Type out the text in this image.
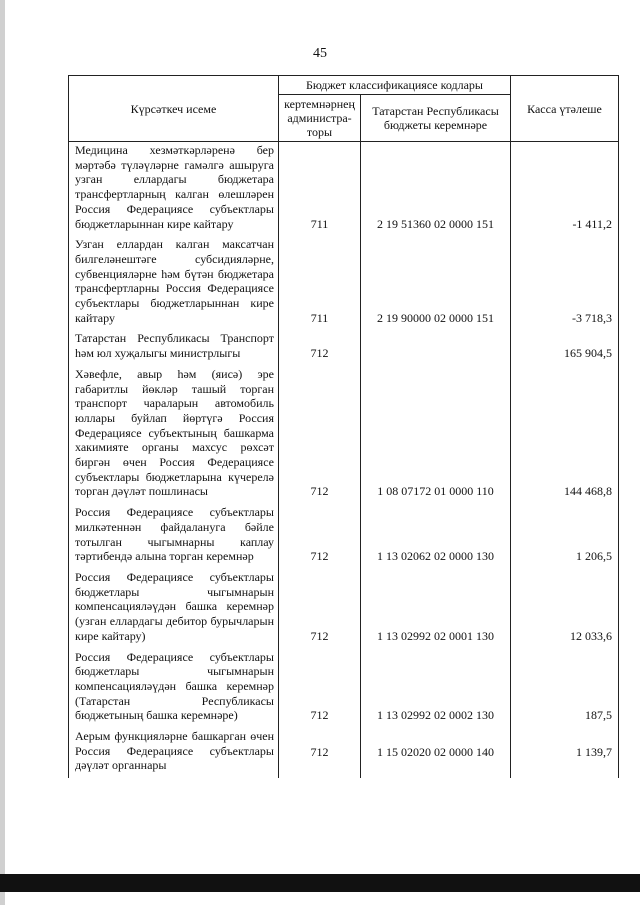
45
Күрсәткеч исеме	Бюджет классификациясе кодлары		Касса үтәлеше
	кертемнәрнең администра-торы	Татарстан Республикасы бюджеты керемнәре	
Медицина хезмәткәрләренә бер мәртәбә түләүләрне гамәлгә ашыруга узган еллардагы бюджетара трансфертларның калган өлешләрен Россия Федерациясе субъектлары бюджетларыннан кире кайтару	711	2 19 51360 02 0000 151	-1 411,2
Узган еллардан калган максатчан билгеләнештәге субсидияләрне, субвенцияләрне һәм бүтән бюджетара трансфертларны Россия Федерациясе субъектлары бюджетларыннан кире кайтару	711	2 19 90000 02 0000 151	-3 718,3
Татарстан Республикасы Транспорт һәм юл хуҗалыгы министрлыгы	712		165 904,5
Хәвефле, авыр һәм (яисә) эре габаритлы йөкләр ташый торган транспорт чараларын автомобиль юллары буйлап йөртүгә Россия Федерациясе субъектының башкарма хакимияте органы махсус рөхсәт биргән өчен Россия Федерациясе субъектлары бюджетларына күчерелә торган дәүләт пошлинасы	712	1 08 07172 01 0000 110	144 468,8
Россия Федерациясе субъектлары милкәтеннән файдалануга бәйле тотылган чыгымнарны каплау тәртибендә алына торган керемнәр	712	1 13 02062 02 0000 130	1 206,5
Россия Федерациясе субъектлары бюджетлары чыгымнарын компенсацияләүдән башка керемнәр (узган еллардагы дебитор бурычларын кире кайтару)	712	1 13 02992 02 0001 130	12 033,6
Россия Федерациясе субъектлары бюджетлары чыгымнарын компенсацияләүдән башка керемнәр (Татарстан Республикасы бюджетының башка керемнәре)	712	1 13 02992 02 0002 130	187,5
Аерым функцияләрне башкарган өчен Россия Федерациясе субъектлары дәүләт органнары	712	1 15 02020 02 0000 140	1 139,7
